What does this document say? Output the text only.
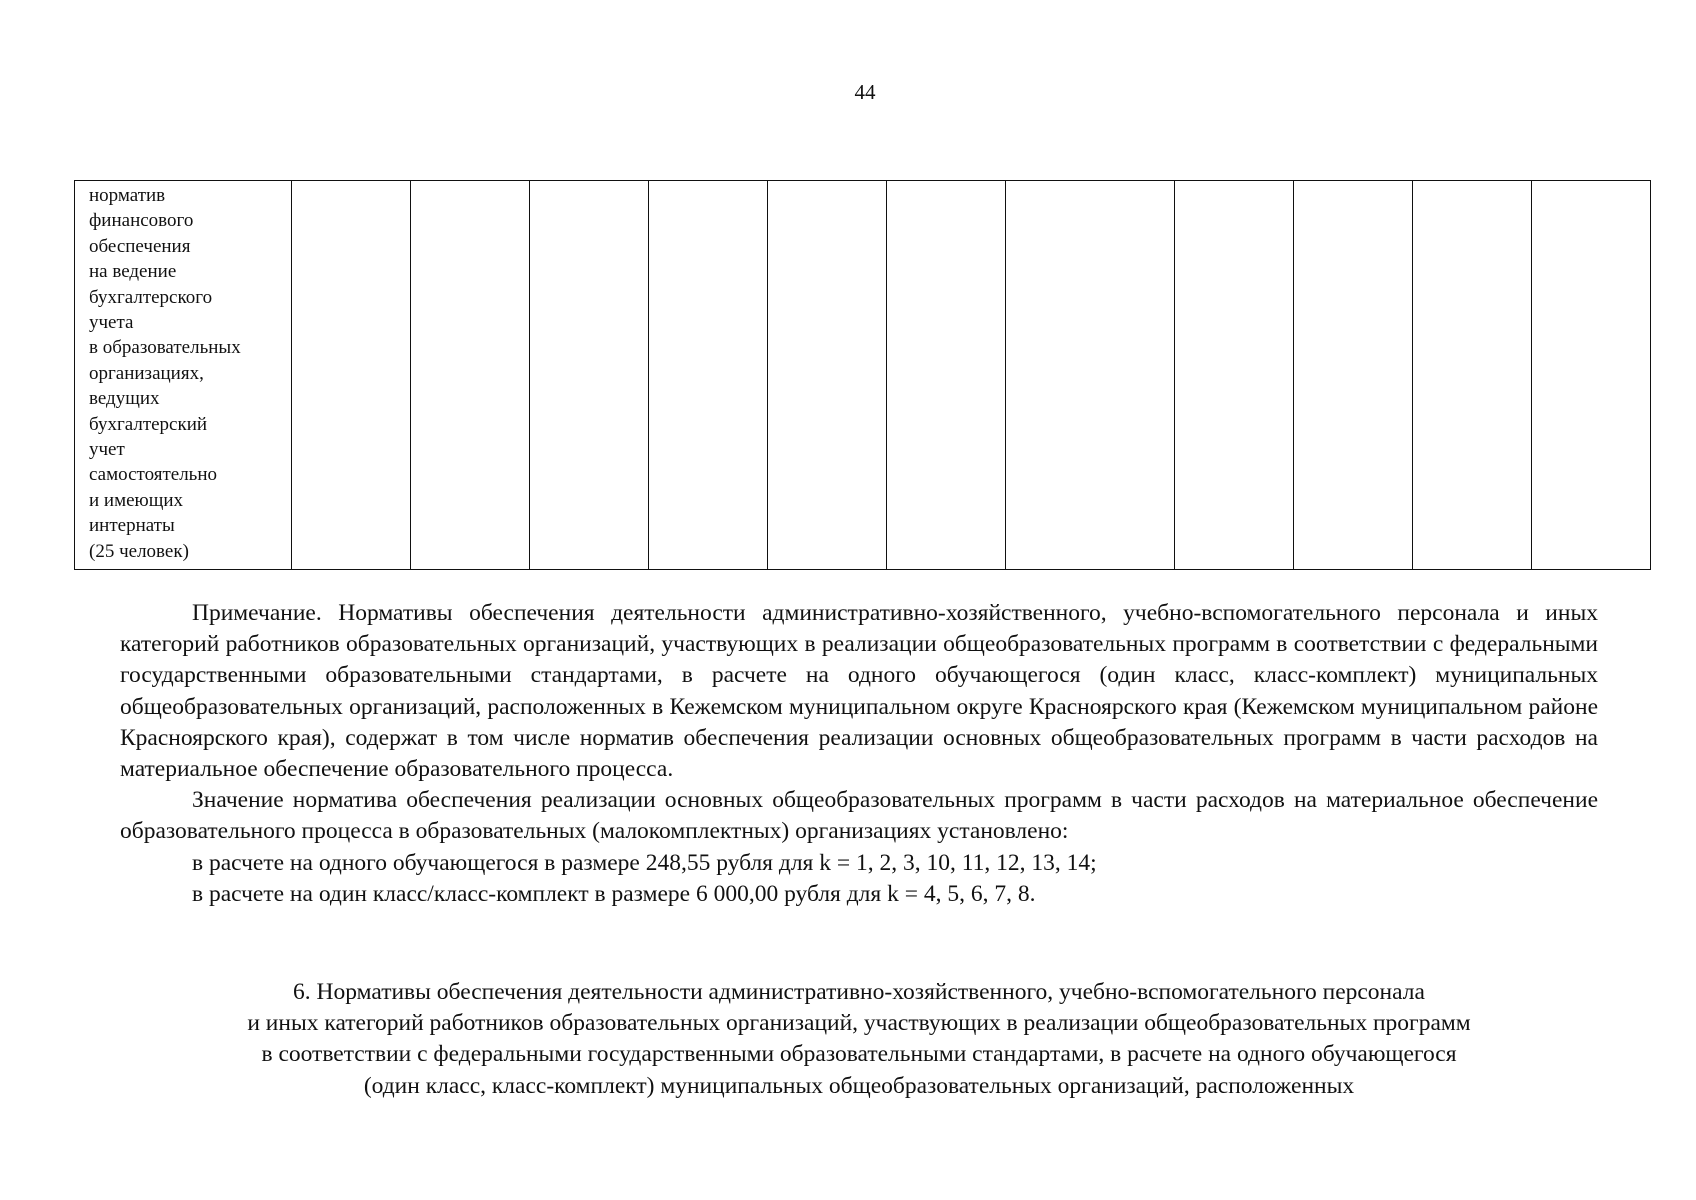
44
норматив
финансового
обеспечения
на ведение
бухгалтерского
учета
в образовательных
организациях,
ведущих
бухгалтерский
учет
самостоятельно
и имеющих
интернаты
(25 человек)											

Примечание. Нормативы обеспечения деятельности административно-хозяйственного, учебно-вспомогательного персонала и иных категорий работников образовательных организаций, участвующих в реализации общеобразовательных программ в соответствии с федеральными государственными образовательными стандартами, в расчете на одного обучающегося (один класс, класс-комплект) муниципальных общеобразовательных организаций, расположенных в Кежемском муниципальном округе Красноярского края (Кежемском муниципальном районе Красноярского края), содержат в том числе норматив обеспечения реализации основных общеобразовательных программ в части расходов на материальное обеспечение образовательного процесса.

Значение норматива обеспечения реализации основных общеобразовательных программ в части расходов на материальное обеспечение образовательного процесса в образовательных (малокомплектных) организациях установлено:

в расчете на одного обучающегося в размере 248,55 рубля для k = 1, 2, 3, 10, 11, 12, 13, 14;

в расчете на один класс/класс-комплект в размере 6 000,00 рубля для k = 4, 5, 6, 7, 8.

6. Нормативы обеспечения деятельности административно-хозяйственного, учебно-вспомогательного персонала
и иных категорий работников образовательных организаций, участвующих в реализации общеобразовательных программ
в соответствии с федеральными государственными образовательными стандартами, в расчете на одного обучающегося
(один класс, класс-комплект) муниципальных общеобразовательных организаций, расположенных
